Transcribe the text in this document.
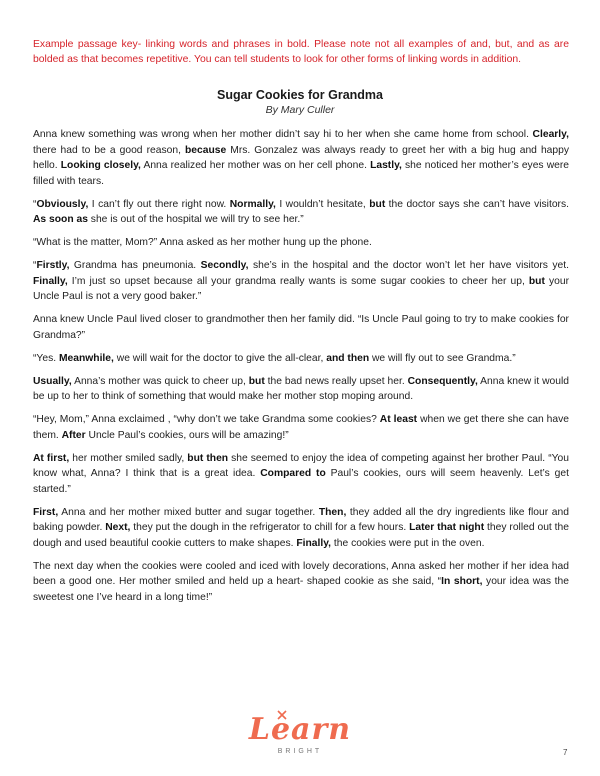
Example passage key- linking words and phrases in bold. Please note not all examples of and, but, and as are bolded as that becomes repetitive. You can tell students to look for other forms of linking words in addition.
Sugar Cookies for Grandma
By Mary Culler

Anna knew something was wrong when her mother didn’t say hi to her when she came home from school. Clearly, there had to be a good reason, because Mrs. Gonzalez was always ready to greet her with a big hug and happy hello. Looking closely, Anna realized her mother was on her cell phone. Lastly, she noticed her mother’s eyes were filled with tears.

“Obviously, I can’t fly out there right now. Normally, I wouldn’t hesitate, but the doctor says she can’t have visitors. As soon as she is out of the hospital we will try to see her.”

“What is the matter, Mom?” Anna asked as her mother hung up the phone.

“Firstly, Grandma has pneumonia. Secondly, she’s in the hospital and the doctor won’t let her have visitors yet. Finally, I’m just so upset because all your grandma really wants is some sugar cookies to cheer her up, but your Uncle Paul is not a very good baker.”

Anna knew Uncle Paul lived closer to grandmother then her family did. “Is Uncle Paul going to try to make cookies for Grandma?”

“Yes. Meanwhile, we will wait for the doctor to give the all-clear, and then we will fly out to see Grandma.”

Usually, Anna’s mother was quick to cheer up, but the bad news really upset her. Consequently, Anna knew it would be up to her to think of something that would make her mother stop moping around.

“Hey, Mom,” Anna exclaimed , “why don’t we take Grandma some cookies? At least when we get there she can have them. After Uncle Paul’s cookies, ours will be amazing!”

At first, her mother smiled sadly, but then she seemed to enjoy the idea of competing against her brother Paul. “You know what, Anna? I think that is a great idea. Compared to Paul’s cookies, ours will seem heavenly. Let’s get started.”

First, Anna and her mother mixed butter and sugar together. Then, they added all the dry ingredients like flour and baking powder. Next, they put the dough in the refrigerator to chill for a few hours. Later that night they rolled out the dough and used beautiful cookie cutters to make shapes. Finally, the cookies were put in the oven.

The next day when the cookies were cooled and iced with lovely decorations, Anna asked her mother if her idea had been a good one. Her mother smiled and held up a heart- shaped cookie as she said, “In short, your idea was the sweetest one I’ve heard in a long time!”

Learn
BRIGHT	7
